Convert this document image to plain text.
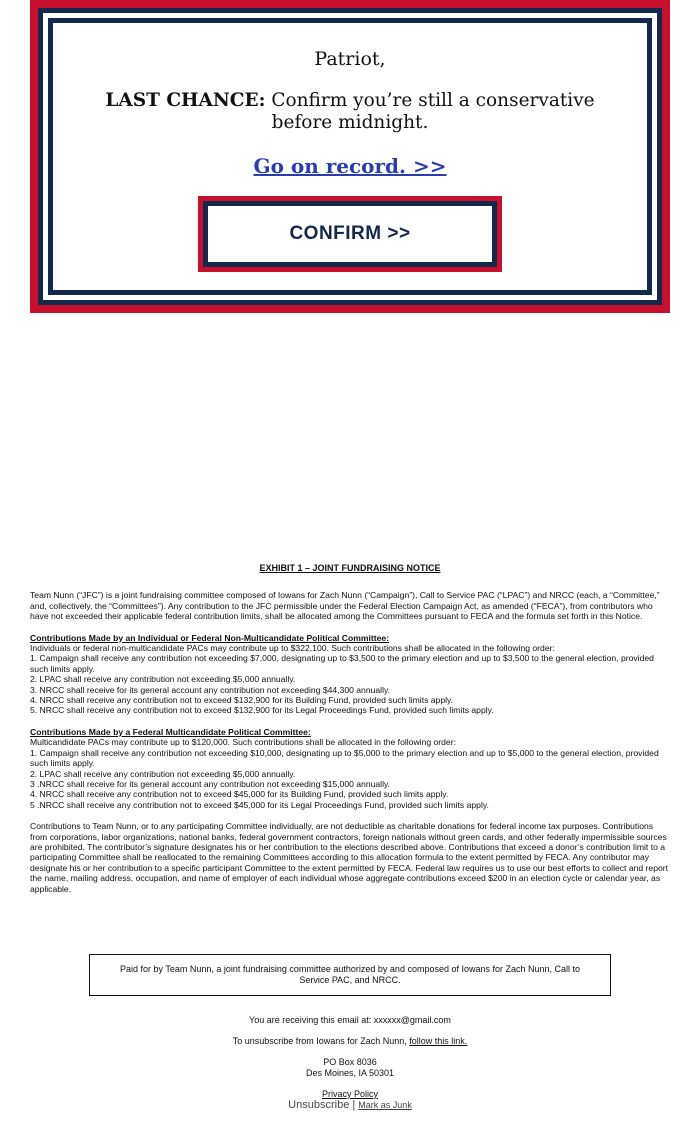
Patriot,

LAST CHANCE: Confirm you’re still a conservative before midnight.

Go on record. >>
CONFIRM >>
EXHIBIT 1 – JOINT FUNDRAISING NOTICE

Team Nunn (“JFC”) is a joint fundraising committee composed of Iowans for Zach Nunn (“Campaign”), Call to Service PAC (“LPAC”) and NRCC (each, a “Committee,” and, collectively, the “Committees”). Any contribution to the JFC permissible under the Federal Election Campaign Act, as amended (“FECA”), from contributors who have not exceeded their applicable federal contribution limits, shall be allocated among the Committees pursuant to FECA and the formula set forth in this Notice.

Contributions Made by an Individual or Federal Non-Multicandidate Political Committee:
Individuals or federal non-multicandidate PACs may contribute up to $322,100. Such contributions shall be allocated in the following order:
1. Campaign shall receive any contribution not exceeding $7,000, designating up to $3,500 to the primary election and up to $3,500 to the general election, provided such limits apply.
2. LPAC shall receive any contribution not exceeding $5,000 annually.
3. NRCC shall receive for its general account any contribution not exceeding $44,300 annually.
4. NRCC shall receive any contribution not to exceed $132,900 for its Building Fund, provided such limits apply.
5. NRCC shall receive any contribution not to exceed $132,900 for its Legal Proceedings Fund, provided such limits apply.

Contributions Made by a Federal Multicandidate Political Committee:
Multicandidate PACs may contribute up to $120,000. Such contributions shall be allocated in the following order:
1. Campaign shall receive any contribution not exceeding $10,000, designating up to $5,000 to the primary election and up to $5,000 to the general election, provided such limits apply.
2. LPAC shall receive any contribution not exceeding $5,000 annually.
3 .NRCC shall receive for its general account any contribution not exceeding $15,000 annually.
4. NRCC shall receive any contribution not to exceed $45,000 for its Building Fund, provided such limits apply.
5 .NRCC shall receive any contribution not to exceed $45,000 for its Legal Proceedings Fund, provided such limits apply.

Contributions to Team Nunn, or to any participating Committee individually, are not deductible as charitable donations for federal income tax purposes. Contributions from corporations, labor organizations, national banks, federal government contractors, foreign nationals without green cards, and other federally impermissible sources are prohibited. The contributor’s signature designates his or her contribution to the elections described above. Contributions that exceed a donor’s contribution limit to a participating Committee shall be reallocated to the remaining Committees according to this allocation formula to the extent permitted by FECA. Any contributor may designate his or her contribution to a specific participant Committee to the extent permitted by FECA. Federal law requires us to use our best efforts to collect and report the name, mailing address, occupation, and name of employer of each individual whose aggregate contributions exceed $200 in an election cycle or calendar year, as applicable.

Paid for by Team Nunn, a joint fundraising committee authorized by and composed of Iowans for Zach Nunn, Call to Service PAC, and NRCC.
You are receiving this email at: xxxxxx@gmail.com
To unsubscribe from Iowans for Zach Nunn, follow this link.
PO Box 8036
Des Moines, IA 50301
Privacy Policy
Unsubscribe | Mark as Junk
